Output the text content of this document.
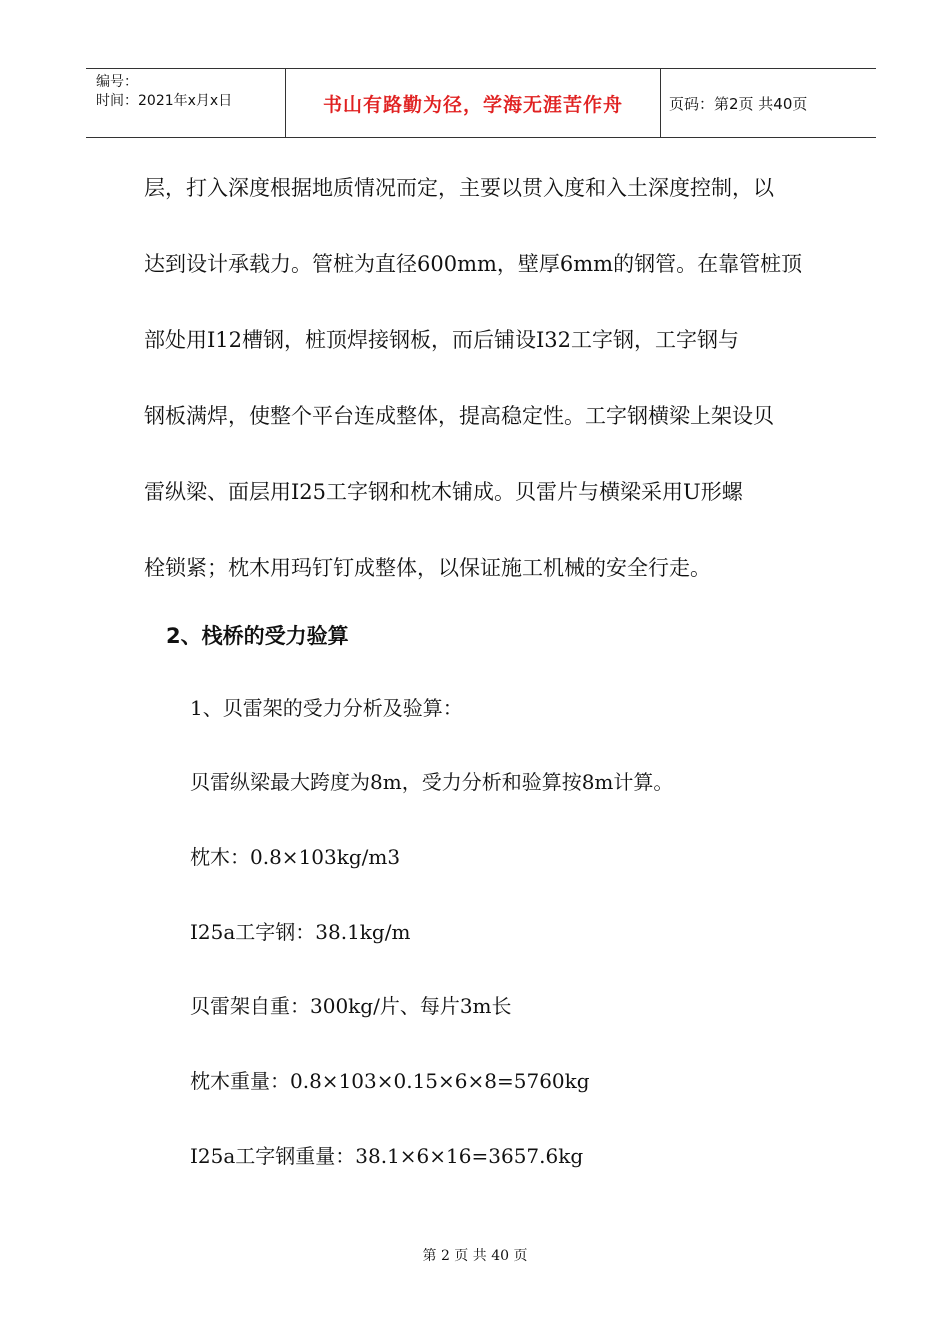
编号：
时间：2021年x月x日	书山有路勤为径，学海无涯苦作舟	页码：第2页 共40页
层，打入深度根据地质情况而定，主要以贯入度和入土深度控制，以
达到设计承载力。管桩为直径600mm，壁厚6mm的钢管。在靠管桩顶
部处用Ⅰ12槽钢，桩顶焊接钢板，而后铺设Ⅰ32工字钢，工字钢与
钢板满焊，使整个平台连成整体，提高稳定性。工字钢横梁上架设贝
雷纵梁、面层用Ⅰ25工字钢和枕木铺成。贝雷片与横梁采用U形螺
栓锁紧；枕木用玛钉钉成整体，以保证施工机械的安全行走。
2、栈桥的受力验算
1、贝雷架的受力分析及验算：
贝雷纵梁最大跨度为8m，受力分析和验算按8m计算。
枕木：0.8×103kg/m3
Ⅰ25a工字钢：38.1kg/m
贝雷架自重：300kg/片、每片3m长
枕木重量：0.8×103×0.15×6×8=5760kg
Ⅰ25a工字钢重量：38.1×6×16=3657.6kg
第 2 页 共 40 页
